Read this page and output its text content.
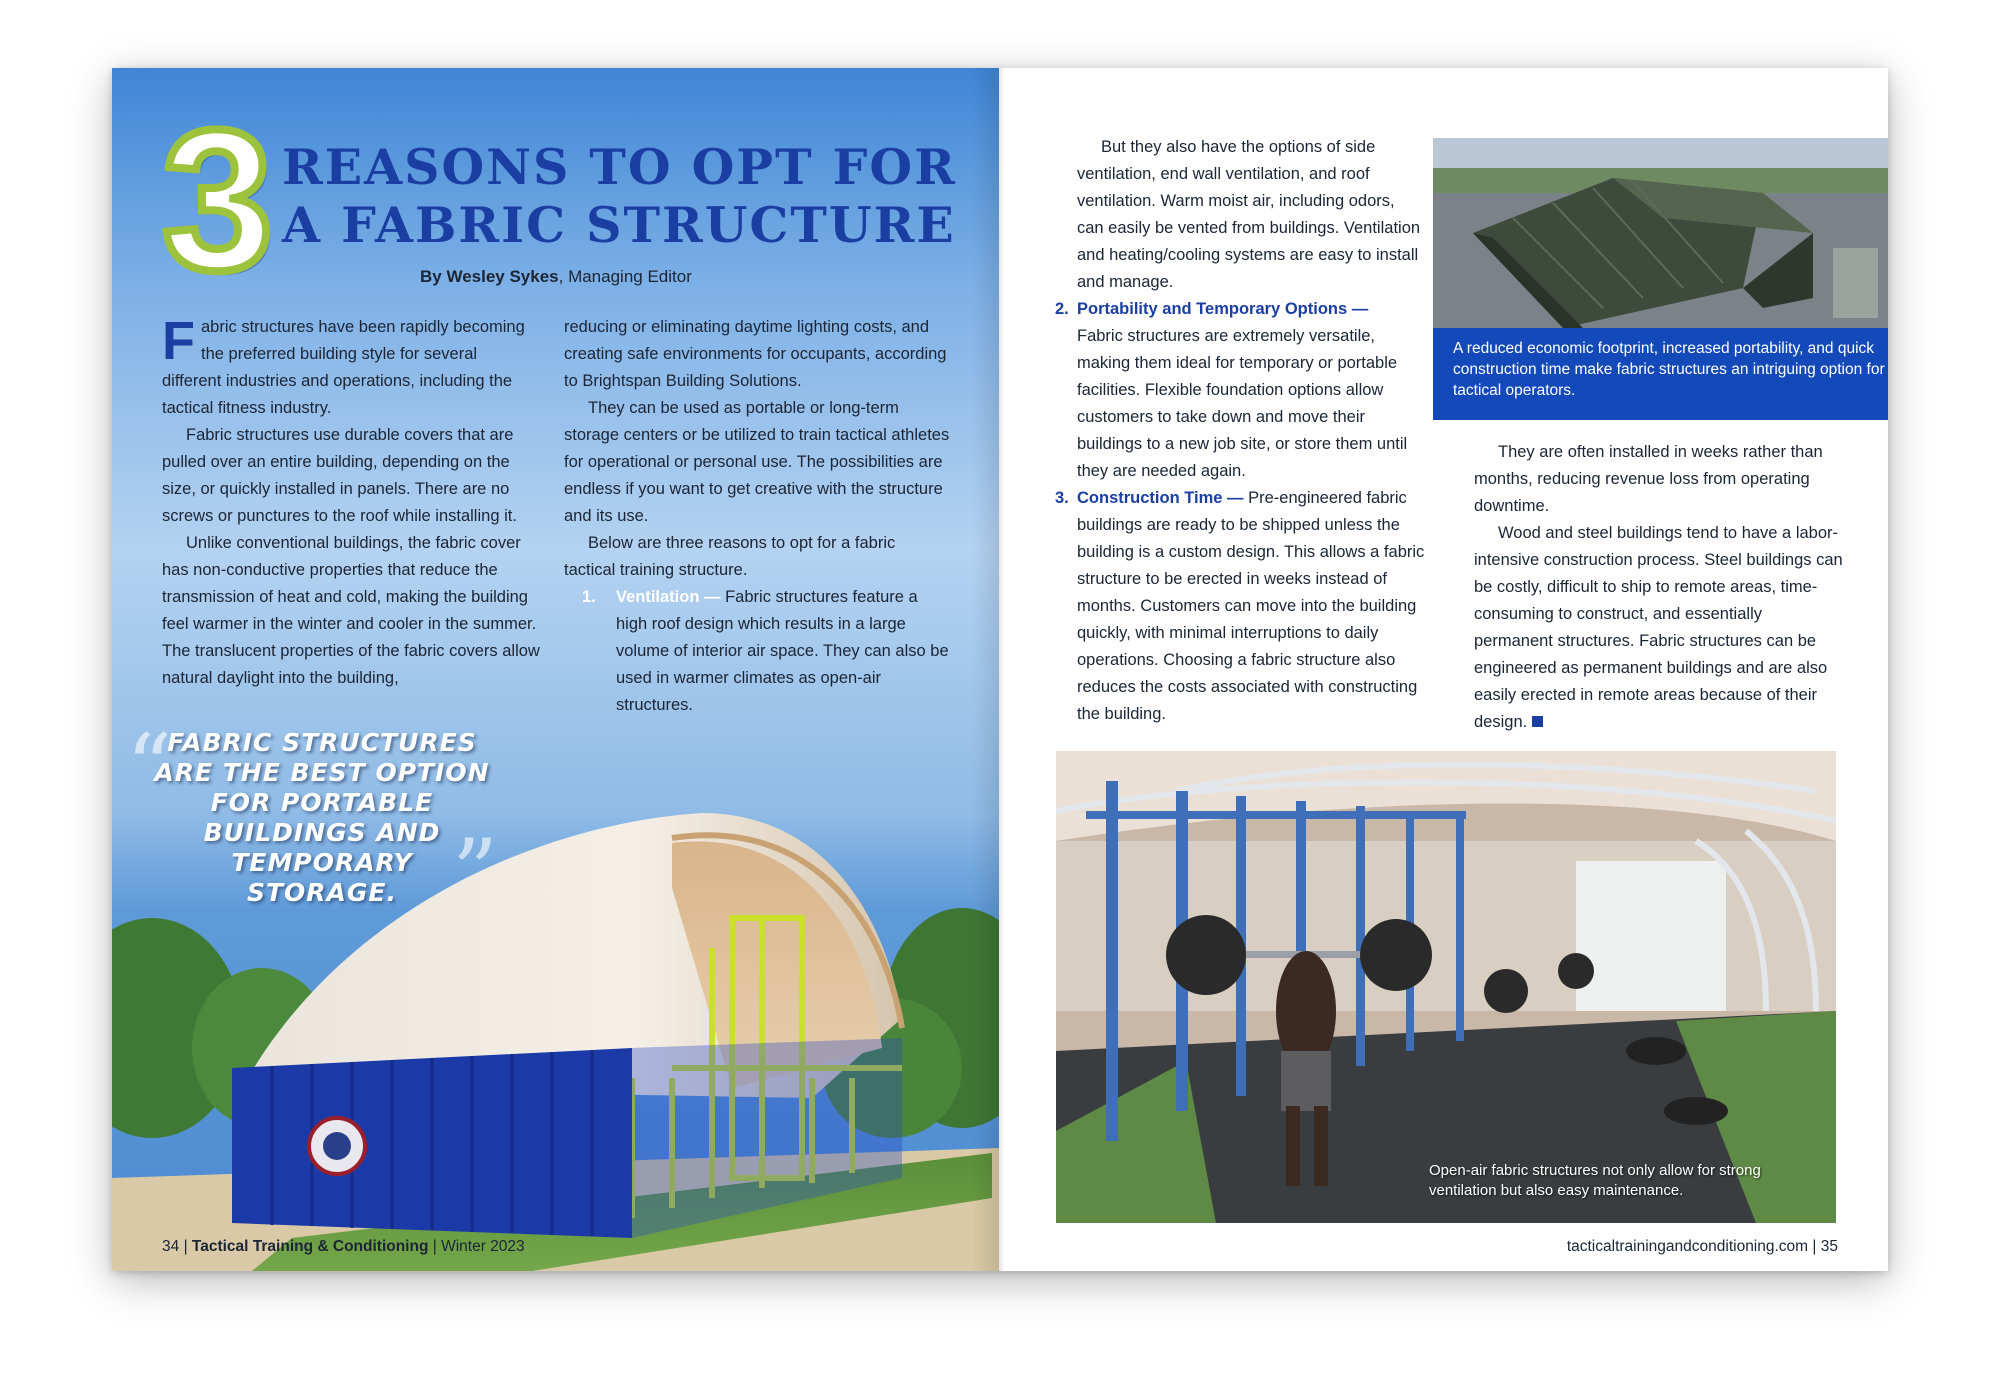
3 REASONS TO OPT FOR
A FABRIC STRUCTURE
By Wesley Sykes, Managing Editor

Fabric structures have been rapidly becoming the preferred building style for several different industries and operations, including the tactical fitness industry.

Fabric structures use durable covers that are pulled over an entire building, depending on the size, or quickly installed in panels. There are no screws or punctures to the roof while installing it.

Unlike conventional buildings, the fabric cover has non-conductive properties that reduce the transmission of heat and cold, making the building feel warmer in the winter and cooler in the summer. The translucent properties of the fabric covers allow natural daylight into the building,

reducing or eliminating daytime lighting costs, and creating safe environments for occupants, according to Brightspan Building Solutions.

They can be used as portable or long-term storage centers or be utilized to train tactical athletes for operational or personal use. The possibilities are endless if you want to get creative with the structure and its use.

Below are three reasons to opt for a fabric tactical training structure.

1.	Ventilation — Fabric structures feature a high roof design which results in a large volume of interior air space. They can also be used in warmer climates as open-air structures.
“
FABRIC STRUCTURES ARE THE BEST OPTION FOR PORTABLE BUILDINGS AND TEMPORARY STORAGE. ”
34 | Tactical Training & Conditioning | Winter 2023

But they also have the options of side ventilation, end wall ventilation, and roof ventilation. Warm moist air, including odors, can easily be vented from buildings. Ventilation and heating/cooling systems are easy to install and manage.

2. Portability and Temporary Options —
Fabric structures are extremely versatile, making them ideal for temporary or portable facilities. Flexible foundation options allow customers to take down and move their buildings to a new job site, or store them until they are needed again.
3. Construction Time — Pre-engineered fabric buildings are ready to be shipped unless the building is a custom design. This allows a fabric structure to be erected in weeks instead of months. Customers can move into the building quickly, with minimal interruptions to daily operations. Choosing a fabric structure also reduces the costs associated with constructing the building.
A reduced economic footprint, increased portability, and quick construction time make fabric structures an intriguing option for tactical operators.

They are often installed in weeks rather than months, reducing revenue loss from operating downtime.

Wood and steel buildings tend to have a labor-intensive construction process. Steel buildings can be costly, difficult to ship to remote areas, time-consuming to construct, and essentially permanent structures. Fabric structures can be engineered as permanent buildings and are also easily erected in remote areas because of their design.

Open-air fabric structures not only allow for strong ventilation but also easy maintenance.
tacticaltrainingandconditioning.com | 35
